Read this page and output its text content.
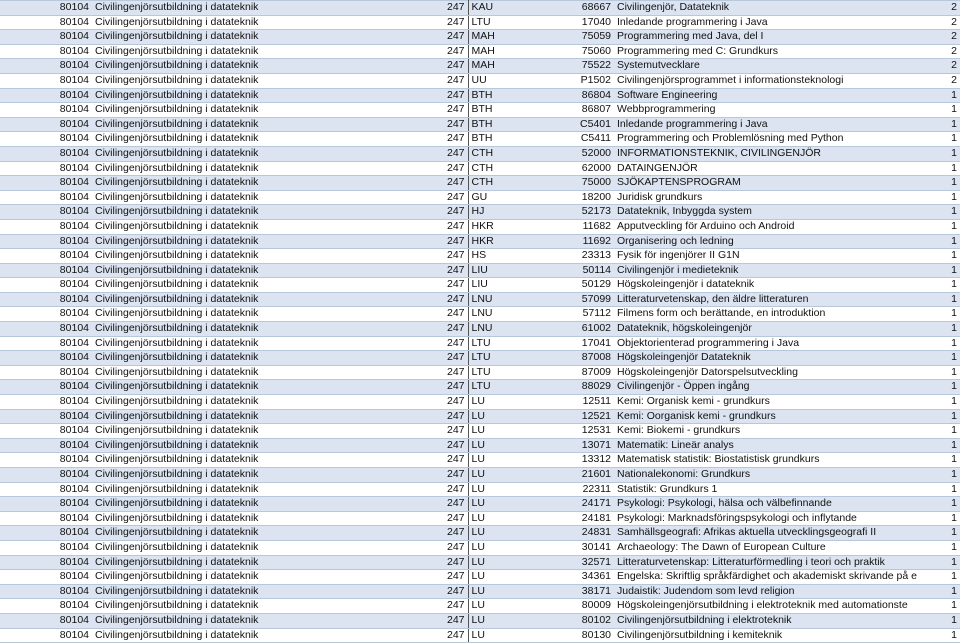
80104	Civilingenjörsutbildning i datateknik	247	KAU	68667	Civilingenjör, Datateknik	2
80104	Civilingenjörsutbildning i datateknik	247	LTU	17040	Inledande programmering i Java	2
80104	Civilingenjörsutbildning i datateknik	247	MAH	75059	Programmering med Java, del I	2
80104	Civilingenjörsutbildning i datateknik	247	MAH	75060	Programmering med C: Grundkurs	2
80104	Civilingenjörsutbildning i datateknik	247	MAH	75522	Systemutvecklare	2
80104	Civilingenjörsutbildning i datateknik	247	UU	P1502	Civilingenjörsprogrammet i informationsteknologi	2
80104	Civilingenjörsutbildning i datateknik	247	BTH	86804	Software Engineering	1
80104	Civilingenjörsutbildning i datateknik	247	BTH	86807	Webbprogrammering	1
80104	Civilingenjörsutbildning i datateknik	247	BTH	C5401	Inledande programmering i Java	1
80104	Civilingenjörsutbildning i datateknik	247	BTH	C5411	Programmering och Problemlösning med Python	1
80104	Civilingenjörsutbildning i datateknik	247	CTH	52000	INFORMATIONSTEKNIK, CIVILINGENJÖR	1
80104	Civilingenjörsutbildning i datateknik	247	CTH	62000	DATAINGENJÖR	1
80104	Civilingenjörsutbildning i datateknik	247	CTH	75000	SJÖKAPTENSPROGRAM	1
80104	Civilingenjörsutbildning i datateknik	247	GU	18200	Juridisk grundkurs	1
80104	Civilingenjörsutbildning i datateknik	247	HJ	52173	Datateknik, Inbyggda system	1
80104	Civilingenjörsutbildning i datateknik	247	HKR	11682	Apputveckling för Arduino och Android	1
80104	Civilingenjörsutbildning i datateknik	247	HKR	11692	Organisering och ledning	1
80104	Civilingenjörsutbildning i datateknik	247	HS	23313	Fysik för ingenjörer II G1N	1
80104	Civilingenjörsutbildning i datateknik	247	LIU	50114	Civilingenjör i medieteknik	1
80104	Civilingenjörsutbildning i datateknik	247	LIU	50129	Högskoleingenjör i datateknik	1
80104	Civilingenjörsutbildning i datateknik	247	LNU	57099	Litteraturvetenskap, den äldre litteraturen	1
80104	Civilingenjörsutbildning i datateknik	247	LNU	57112	Filmens form och berättande, en introduktion	1
80104	Civilingenjörsutbildning i datateknik	247	LNU	61002	Datateknik, högskoleingenjör	1
80104	Civilingenjörsutbildning i datateknik	247	LTU	17041	Objektorienterad programmering i Java	1
80104	Civilingenjörsutbildning i datateknik	247	LTU	87008	Högskoleingenjör Datateknik	1
80104	Civilingenjörsutbildning i datateknik	247	LTU	87009	Högskoleingenjör Datorspelsutveckling	1
80104	Civilingenjörsutbildning i datateknik	247	LTU	88029	Civilingenjör - Öppen ingång	1
80104	Civilingenjörsutbildning i datateknik	247	LU	12511	Kemi: Organisk kemi - grundkurs	1
80104	Civilingenjörsutbildning i datateknik	247	LU	12521	Kemi: Oorganisk kemi - grundkurs	1
80104	Civilingenjörsutbildning i datateknik	247	LU	12531	Kemi: Biokemi - grundkurs	1
80104	Civilingenjörsutbildning i datateknik	247	LU	13071	Matematik: Lineär analys	1
80104	Civilingenjörsutbildning i datateknik	247	LU	13312	Matematisk statistik: Biostatistisk grundkurs	1
80104	Civilingenjörsutbildning i datateknik	247	LU	21601	Nationalekonomi: Grundkurs	1
80104	Civilingenjörsutbildning i datateknik	247	LU	22311	Statistik: Grundkurs 1	1
80104	Civilingenjörsutbildning i datateknik	247	LU	24171	Psykologi: Psykologi, hälsa och välbefinnande	1
80104	Civilingenjörsutbildning i datateknik	247	LU	24181	Psykologi: Marknadsföringspsykologi och inflytande	1
80104	Civilingenjörsutbildning i datateknik	247	LU	24831	Samhällsgeografi: Afrikas aktuella utvecklingsgeografi II	1
80104	Civilingenjörsutbildning i datateknik	247	LU	30141	Archaeology: The Dawn of European Culture	1
80104	Civilingenjörsutbildning i datateknik	247	LU	32571	Litteraturvetenskap: Litteraturförmedling i teori och praktik	1
80104	Civilingenjörsutbildning i datateknik	247	LU	34361	Engelska: Skriftlig språkfärdighet och akademiskt skrivande på e	1
80104	Civilingenjörsutbildning i datateknik	247	LU	38171	Judaistik: Judendom som levd religion	1
80104	Civilingenjörsutbildning i datateknik	247	LU	80009	Högskoleingenjörsutbildning i elektroteknik med automationste	1
80104	Civilingenjörsutbildning i datateknik	247	LU	80102	Civilingenjörsutbildning i elektroteknik	1
80104	Civilingenjörsutbildning i datateknik	247	LU	80130	Civilingenjörsutbildning i kemiteknik	1
